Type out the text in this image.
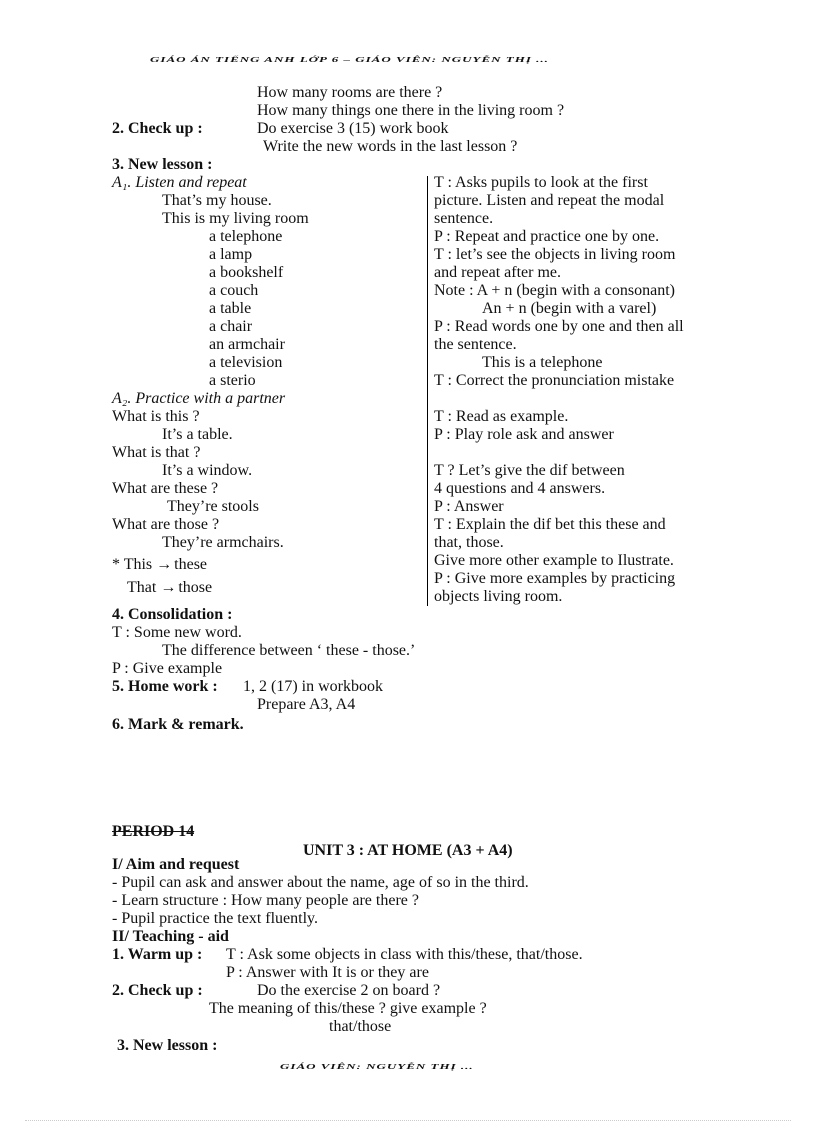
GIÁO ÁN TIẾNG ANH LỚP 6 – GIÁO VIÊN: NGUYỄN THỊ ...
How many rooms are there ?
How many things one there in the living room ?
2. Check up :	Do exercise 3 (15) work book
Write the new words in the last lesson ?
3. New lesson :
A₁. Listen and repeat
That’s my house.
This is my living room
a telephone
a lamp
a bookshelf
a couch
a table
a chair
an armchair
a television
a sterio
A₂. Practice with a partner
What is this ?
It’s a table.
What is that ?
It’s a window.
What are these ?
They’re stools
What are those ?
They’re armchairs.
* This → these
That → those
T : Asks pupils to look at the first
picture. Listen and repeat the modal
sentence.
P : Repeat and practice one by one.
T : let’s see the objects in living room
and repeat after me.
Note : A + n (begin with a consonant)
An + n (begin with a varel)
P : Read words one by one and then all
the sentence.
This is a telephone
T : Correct the pronunciation mistake
T : Read as example.
P : Play role ask and answer
T ? Let’s give the dif between
4 questions and 4 answers.
P : Answer
T : Explain the dif bet this these and
that, those.
Give more other example to Ilustrate.
P : Give more examples by practicing
objects living room.
4. Consolidation :
T : Some new word.
The difference between ‘ these - those.’
P : Give example
5. Home work : 1, 2 (17) in workbook
Prepare A3, A4
6. Mark & remark.
PERIOD 14
UNIT 3 : AT HOME (A3 + A4)
I/ Aim and request
- Pupil can ask and answer about the name, age of so in the third.
- Learn structure : How many people are there ?
- Pupil practice the text fluently.
II/ Teaching - aid
1. Warm up : T : Ask some objects in class with this/these, that/those.
P : Answer with It is or they are
2. Check up :	Do the exercise 2 on board ?
The meaning of this/these ? give example ?
that/those
3. New lesson :
GIÁO VIÊN: NGUYỄN THỊ ...
